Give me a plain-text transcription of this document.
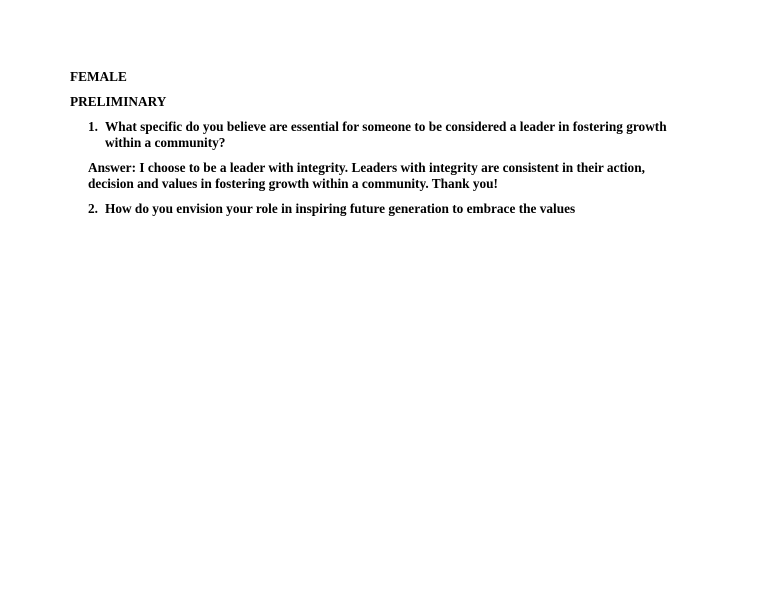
FEMALE
PRELIMINARY
1. What specific do you believe are essential for someone to be considered a leader in fostering growth
within a community?
Answer: I choose to be a leader with integrity. Leaders with integrity are consistent in their action,
decision and values in fostering growth within a community. Thank you!
2. How do you envision your role in inspiring future generation to embrace the values
